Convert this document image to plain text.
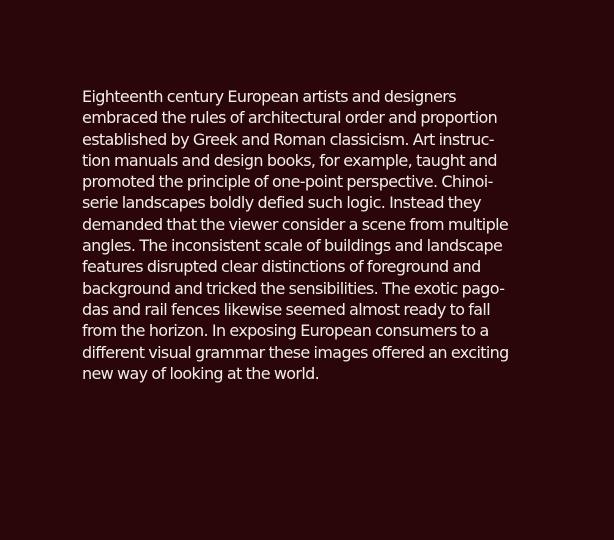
Eighteenth century European artists and designers
embraced the rules of architectural order and proportion
established by Greek and Roman classicism. Art instruc-
tion manuals and design books, for example, taught and
promoted the principle of one-point perspective. Chinoi-
serie landscapes boldly defied such logic. Instead they
demanded that the viewer consider a scene from multiple
angles. The inconsistent scale of buildings and landscape
features disrupted clear distinctions of foreground and
background and tricked the sensibilities. The exotic pago-
das and rail fences likewise seemed almost ready to fall
from the horizon. In exposing European consumers to a
different visual grammar these images offered an exciting
new way of looking at the world.
